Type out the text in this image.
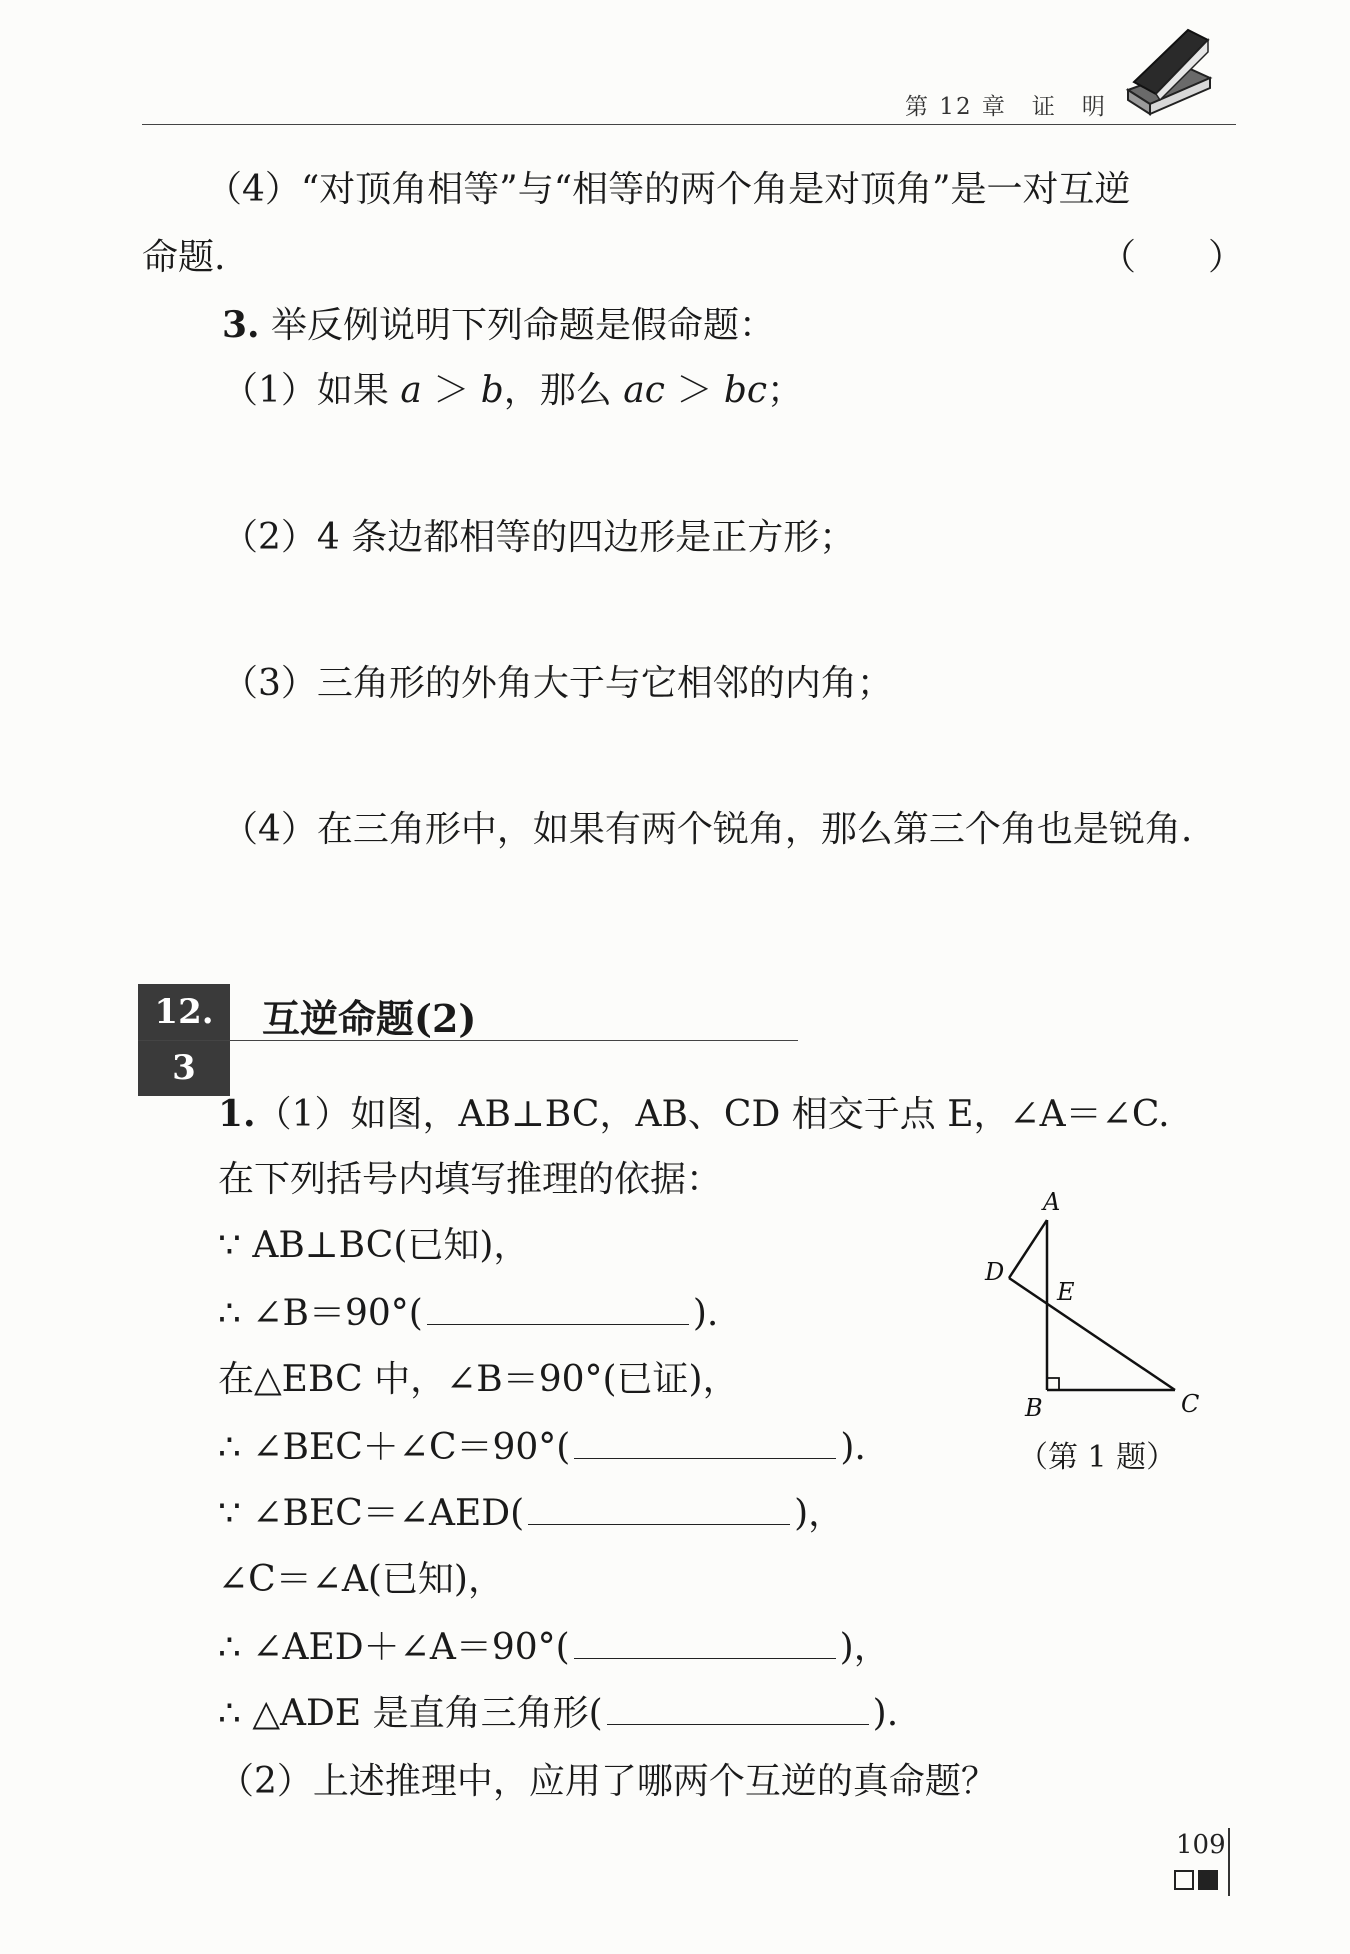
第 12 章　证　明
（4）“对顶角相等”与“相等的两个角是对顶角”是一对互逆
命题.	（　　）
3. 举反例说明下列命题是假命题：
（1）如果 a ＞ b，那么 ac ＞ bc；
（2）4 条边都相等的四边形是正方形；
（3）三角形的外角大于与它相邻的内角；
（4）在三角形中，如果有两个锐角，那么第三个角也是锐角.
12. 3
互逆命题(2)
1.（1）如图，AB⊥BC，AB、CD 相交于点 E，∠A＝∠C.
在下列括号内填写推理的依据：
∵ AB⊥BC(已知)，
∴ ∠B＝90°(	).
在△EBC 中，∠B＝90°(已证)，
∴ ∠BEC＋∠C＝90°(	).
∵ ∠BEC＝∠AED(	)，
∠C＝∠A(已知)，
∴ ∠AED＋∠A＝90°(	)，
∴ △ADE 是直角三角形(	).
（2）上述推理中，应用了哪两个互逆的真命题？
A
D
E
B	C
（第 1 题）
109
